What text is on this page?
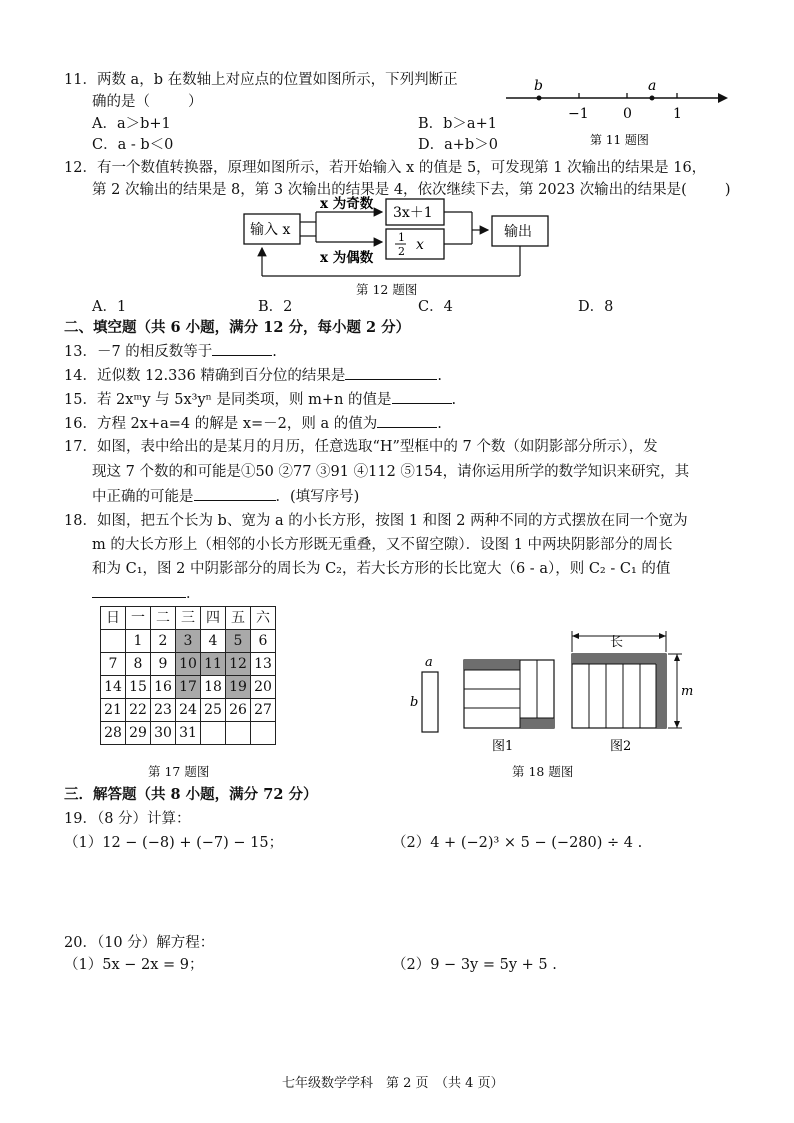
11．两数 a，b 在数轴上对应点的位置如图所示，下列判断正
确的是（	）
A．a＞b+1	B．b＞a+1
C．a - b＜0	D．a+b＞0
b	a
−1 0	1
第 11 题图
12．有一个数值转换器，原理如图所示，若开始输入 x 的值是 5，可发现第 1 次输出的结果是 16，
第 2 次输出的结果是 8，第 3 次输出的结果是 4，依次继续下去，第 2023 次输出的结果是(	)
输入 x
x 为奇数
x 为偶数
3x＋1
1
2 x
输出
第 12 题图
A．1	B．2	C．4	D．8
二、填空题（共 6 小题，满分 12 分，每小题 2 分）
13．－7 的相反数等于	.
14．近似数 12.336 精确到百分位的结果是	.
15．若 2xᵐy 与 5x³yⁿ 是同类项，则 m+n 的值是	.
16．方程 2x+a=4 的解是 x=－2，则 a 的值为	.
17．如图，表中给出的是某月的月历，任意选取“H”型框中的 7 个数（如阴影部分所示），发
现这 7 个数的和可能是①50 ②77 ③91 ④112 ⑤154，请你运用所学的数学知识来研究，其
中正确的可能是	．(填写序号)
18．如图，把五个长为 b、宽为 a 的小长方形，按图 1 和图 2 两种不同的方式摆放在同一个宽为
m 的大长方形上（相邻的小长方形既无重叠，又不留空隙）．设图 1 中两块阴影部分的周长
和为 C₁，图 2 中阴影部分的周长为 C₂，若大长方形的长比宽大（6 - a），则 C₂ - C₁ 的值
．
日	一	二	三	四	五	六
	1	2	3	4	5	6
7	8	9	10	11	12	13
14	15	16	17	18	19	20
21	22	23	24	25	26	27
28	29	30	31			
第 17 题图
a
b
图1
长
m
图2
第 18 题图
三．解答题（共 8 小题，满分 72 分）
19．（8 分）计算：
（1）12 − (−8) + (−7) − 15；	（2）4 + (−2)³ × 5 − (−280) ÷ 4 .
20．（10 分）解方程：
（1）5x − 2x = 9；	（2）9 − 3y = 5y + 5 .
七年级数学学科　第 2 页　（共 4 页）
